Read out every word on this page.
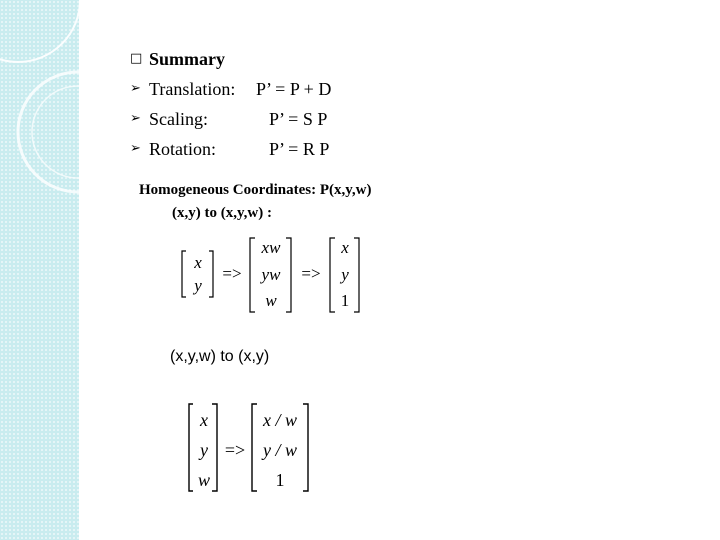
□ Summary
➢ Translation: P’ = P + D
➢ Scaling:	P’ = S P
➢ Rotation:	P’ = R P
Homogeneous Coordinates: P(x,y,w)
(x,y) to (x,y,w) :
x
y
xw
yw
w
x
y
1
=>	=>
(x,y,w) to (x,y)
x
y
w
x / w
y / w
1
=>
